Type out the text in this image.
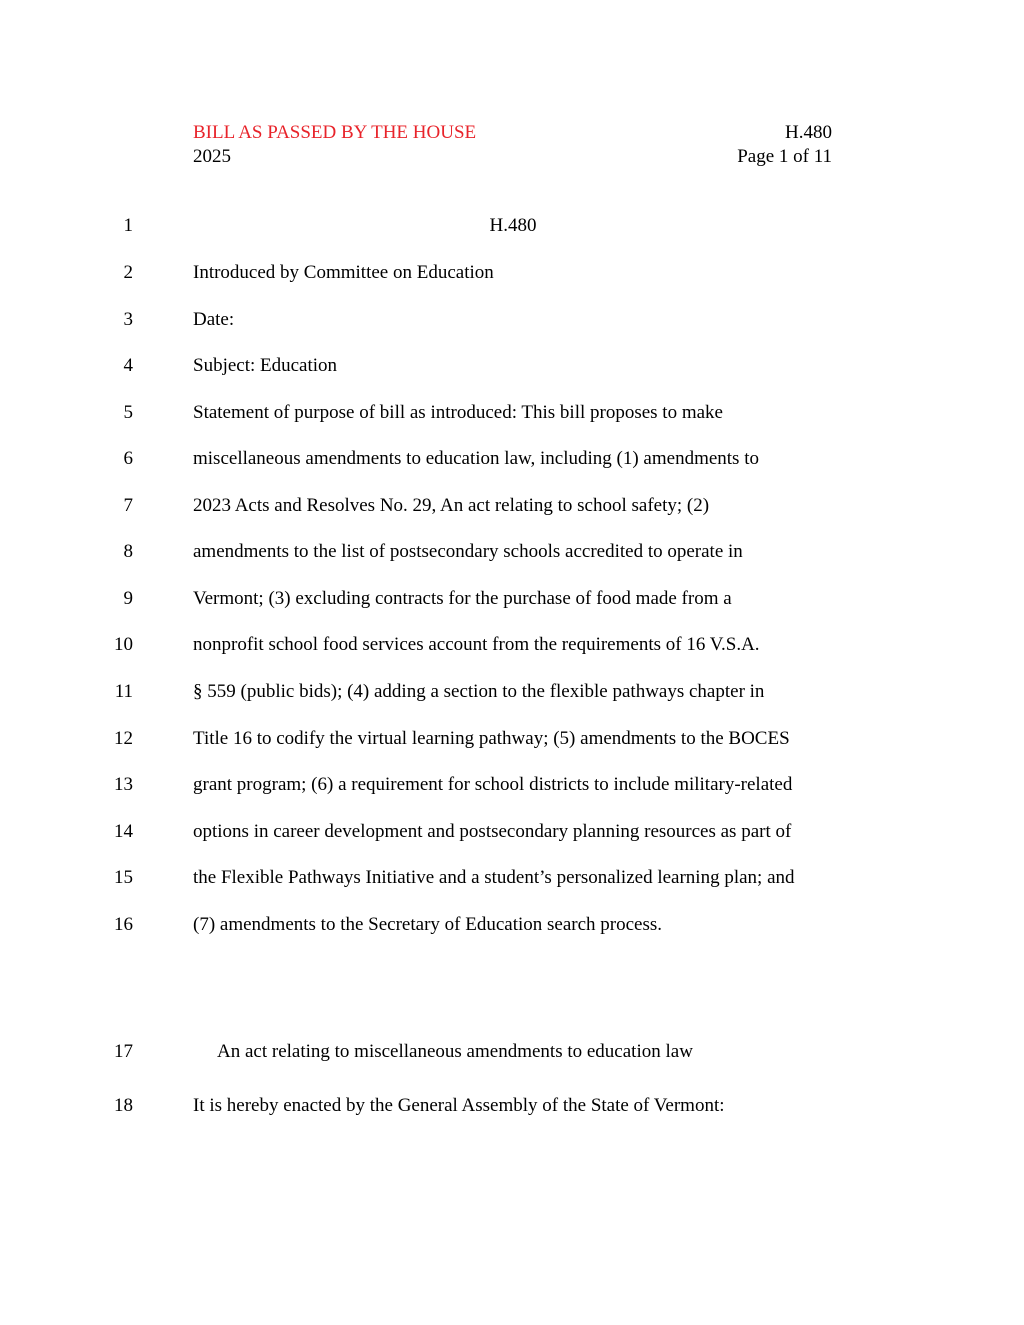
BILL AS PASSED BY THE HOUSE
2025
H.480
Page 1 of 11
1	H.480
2	Introduced by Committee on Education
3	Date:
4	Subject: Education
5	Statement of purpose of bill as introduced: This bill proposes to make
6	miscellaneous amendments to education law, including (1) amendments to
7	2023 Acts and Resolves No. 29, An act relating to school safety; (2)
8	amendments to the list of postsecondary schools accredited to operate in
9	Vermont; (3) excluding contracts for the purchase of food made from a
10	nonprofit school food services account from the requirements of 16 V.S.A.
11	§ 559 (public bids); (4) adding a section to the flexible pathways chapter in
12	Title 16 to codify the virtual learning pathway; (5) amendments to the BOCES
13	grant program; (6) a requirement for school districts to include military-related
14	options in career development and postsecondary planning resources as part of
15	the Flexible Pathways Initiative and a student’s personalized learning plan; and
16	(7) amendments to the Secretary of Education search process.
17	An act relating to miscellaneous amendments to education law
18	It is hereby enacted by the General Assembly of the State of Vermont:
